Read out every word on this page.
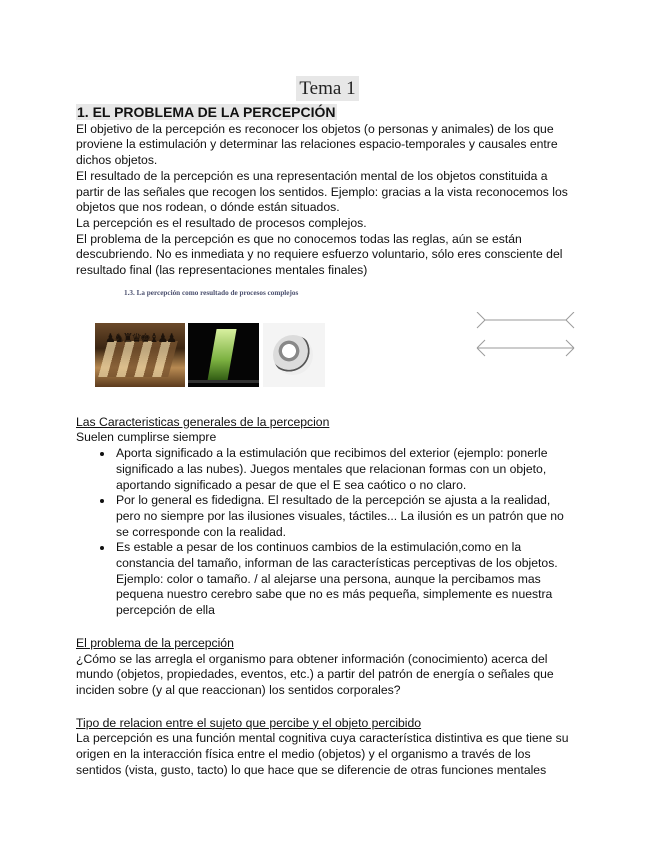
Tema 1
1. EL PROBLEMA DE LA PERCEPCIÓN

El objetivo de la percepción es reconocer los objetos (o personas y animales) de los que proviene la estimulación y determinar las relaciones espacio-temporales y causales entre dichos objetos.

El resultado de la percepción es una representación mental de los objetos constituida a partir de las señales que recogen los sentidos. Ejemplo: gracias a la vista reconocemos los objetos que nos rodean, o dónde están situados.

La percepción es el resultado de procesos complejos.

El problema de la percepción es que no conocemos todas las reglas, aún se están descubriendo. No es inmediata y no requiere esfuerzo voluntario, sólo eres consciente del resultado final (las representaciones mentales finales)

1.3. La percepción como resultado de procesos complejos
♟♞♜♛♚♝♟♟

Las Caracteristicas generales de la percepcion

Suelen cumplirse siempre

• Aporta significado a la estimulación que recibimos del exterior (ejemplo: ponerle significado a las nubes). Juegos mentales que relacionan formas con un objeto, aportando significado a pesar de que el E sea caótico o no claro.
• Por lo general es fidedigna. El resultado de la percepción se ajusta a la realidad, pero no siempre por las ilusiones visuales, táctiles... La ilusión es un patrón que no se corresponde con la realidad.
• Es estable a pesar de los continuos cambios de la estimulación,como en la constancia del tamaño, informan de las características perceptivas de los objetos. Ejemplo: color o tamaño. / al alejarse una persona, aunque la percibamos mas pequena nuestro cerebro sabe que no es más pequeña, simplemente es nuestra percepción de ella

El problema de la percepción

¿Cómo se las arregla el organismo para obtener información (conocimiento) acerca del mundo (objetos, propiedades, eventos, etc.) a partir del patrón de energía o señales que inciden sobre (y al que reaccionan) los sentidos corporales?

Tipo de relacion entre el sujeto que percibe y el objeto percibido

La percepción es una función mental cognitiva cuya característica distintiva es que tiene su origen en la interacción física entre el medio (objetos) y el organismo a través de los sentidos (vista, gusto, tacto) lo que hace que se diferencie de otras funciones mentales
